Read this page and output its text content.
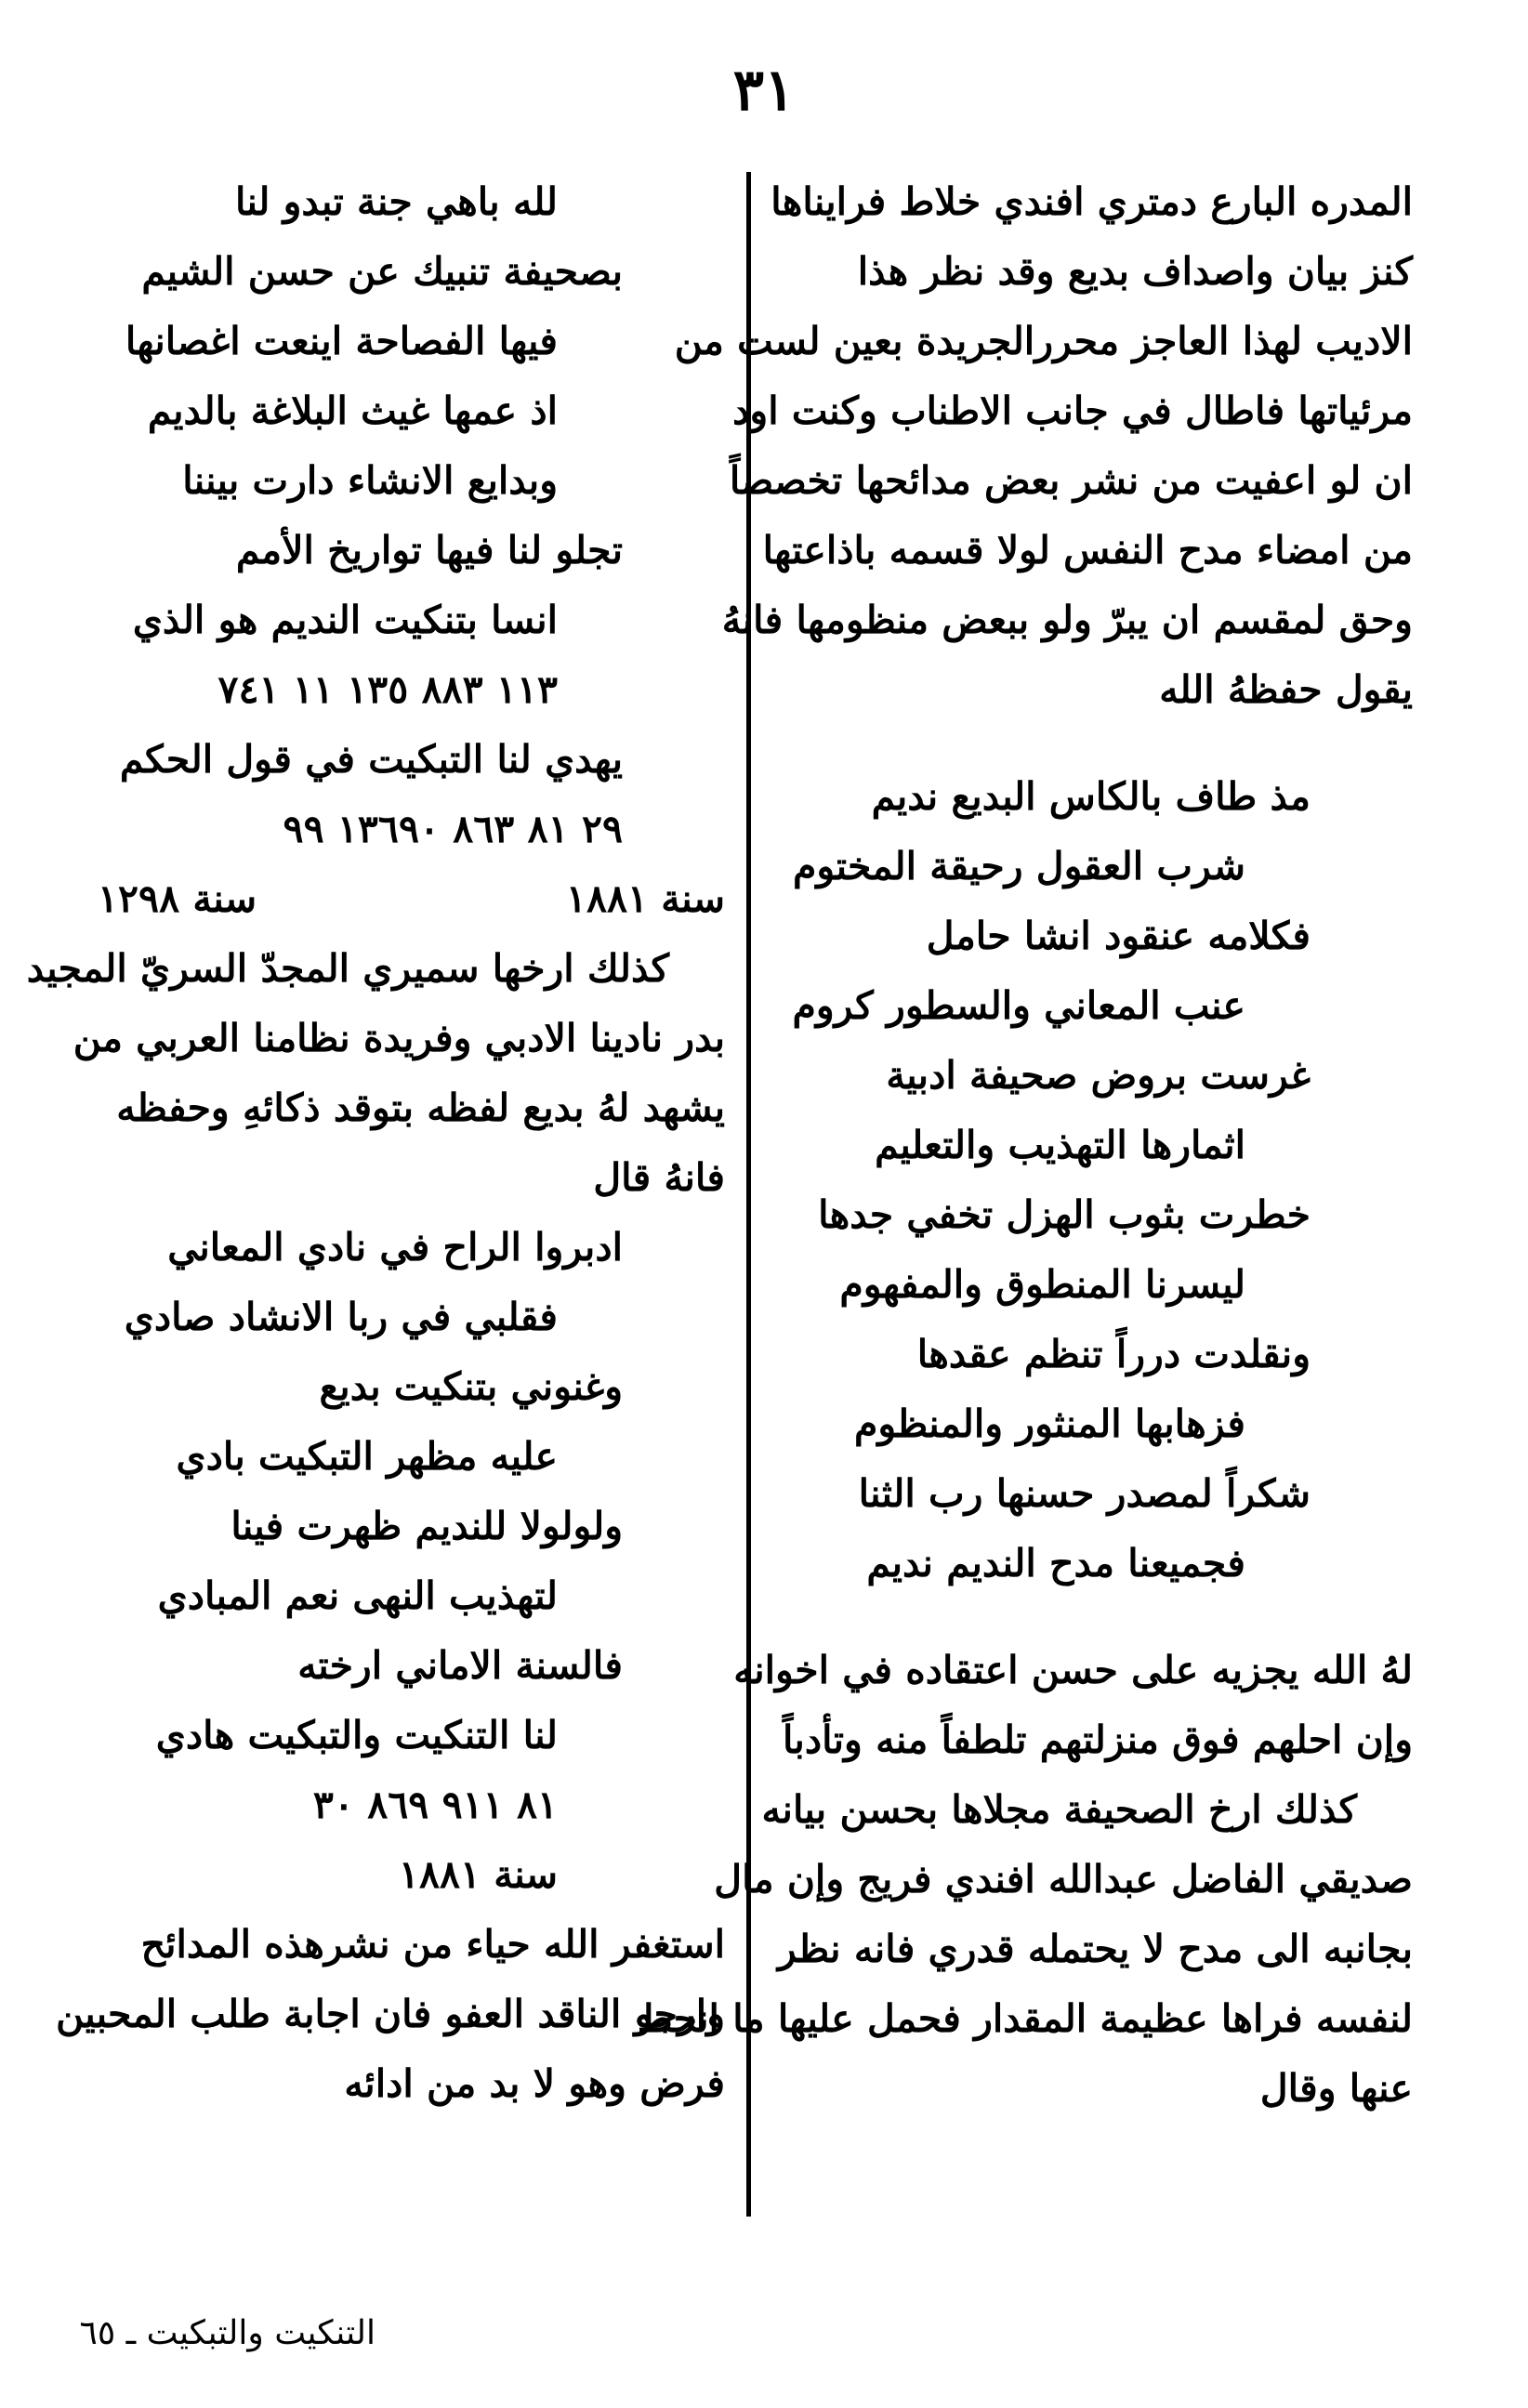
٣١
المدره البارع دمتري افندي خلاط فرايناها
كنز بيان واصداف بديع وقد نظر هذا
الاديب لهذا العاجز محررالجريدة بعين لست من
مرئياتها فاطال في جانب الاطناب وكنت اود
ان لو اعفيت من نشر بعض مدائحها تخصصاً
من امضاء مدح النفس لولا قسمه باذاعتها
وحق لمقسم ان يبرّ ولو ببعض منظومها فانهُ
يقول حفظهُ الله
مذ طاف بالكاس البديع نديم
شرب العقول رحيقة المختوم
فكلامه عنقود انشا حامل
عنب المعاني والسطور كروم
غرست بروض صحيفة ادبية
اثمارها التهذيب والتعليم
خطرت بثوب الهزل تخفي جدها
ليسرنا المنطوق والمفهوم
ونقلدت درراً تنظم عقدها
فزهابها المنثور والمنظوم
شكراً لمصدر حسنها رب الثنا
فجميعنا مدح النديم نديم
لهُ الله يجزيه على حسن اعتقاده في اخوانه
وإن احلهم فوق منزلتهم تلطفاً منه وتأدباً
كذلك ارخ الصحيفة مجلاها بحسن بيانه
صديقي الفاضل عبدالله افندي فريج وإن مال
بجانبه الى مدح لا يحتمله قدري فانه نظر
لنفسه فراها عظيمة المقدار فحمل عليها ما انحط
عنها وقال
لله باهي جنة تبدو لنا
بصحيفة تنبيك عن حسن الشيم
فيها الفصاحة اينعت اغصانها
اذ عمها غيث البلاغة بالديم
وبدايع الانشاء دارت بيننا
تجلو لنا فيها تواريخ الأمم
انسا بتنكيت النديم هو الذي
١١٣ ٨٨٣ ١٣٥ ١١ ٧٤١
يهدي لنا التبكيت في قول الحكم
٢٩ ٨١ ٨٦٣ ١٣٦٩٠ ٩٩
سنة ١٨٨١
سنة ١٢٩٨
كذلك ارخها سميري المجدّ السريّ المجيد
بدر نادينا الادبي وفريدة نظامنا العربي من
يشهد لهُ بديع لفظه بتوقد ذكائهِ وحفظه
فانهُ قال
ادبروا الراح في نادي المعاني
فقلبي في ربا الانشاد صادي
وغنوني بتنكيت بديع
عليه مظهر التبكيت بادي
ولولولا للنديم ظهرت فينا
لتهذيب النهى نعم المبادي
فالسنة الاماني ارخته
لنا التنكيت والتبكيت هادي
٨١ ٩١١ ٨٦٩ ٣٠
سنة ١٨٨١
استغفر الله حياء من نشرهذه المدائح
وارجو الناقد العفو فان اجابة طلب المحبين
فرض وهو لا بد من ادائه
التنكيت والتبكيت ـ ٦٥
